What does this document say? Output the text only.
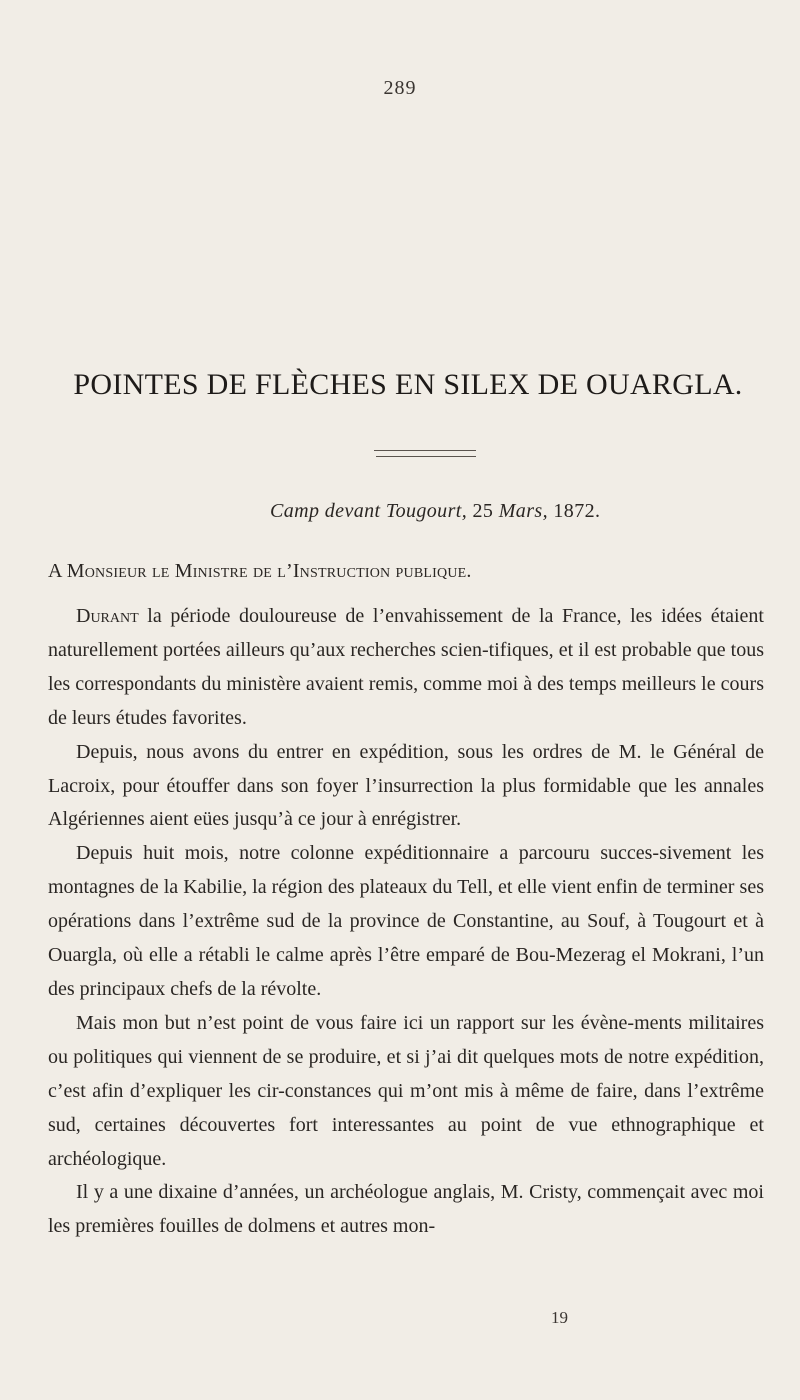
289
POINTES DE FLÈCHES EN SILEX DE OUARGLA.
Camp devant Tougourt, 25 Mars, 1872.
A Monsieur le Ministre de l’Instruction publique.

Durant la période douloureuse de l’envahissement de la France, les idées étaient naturellement portées ailleurs qu’aux recherches scien-tifiques, et il est probable que tous les correspondants du ministère avaient remis, comme moi à des temps meilleurs le cours de leurs études favorites.

Depuis, nous avons du entrer en expédition, sous les ordres de M. le Général de Lacroix, pour étouffer dans son foyer l’insurrection la plus formidable que les annales Algériennes aient eües jusqu’à ce jour à enrégistrer.

Depuis huit mois, notre colonne expéditionnaire a parcouru succes-sivement les montagnes de la Kabilie, la région des plateaux du Tell, et elle vient enfin de terminer ses opérations dans l’extrême sud de la province de Constantine, au Souf, à Tougourt et à Ouargla, où elle a rétabli le calme après l’être emparé de Bou-Mezerag el Mokrani, l’un des principaux chefs de la révolte.

Mais mon but n’est point de vous faire ici un rapport sur les évène-ments militaires ou politiques qui viennent de se produire, et si j’ai dit quelques mots de notre expédition, c’est afin d’expliquer les cir-constances qui m’ont mis à même de faire, dans l’extrême sud, certaines découvertes fort interessantes au point de vue ethnographique et archéologique.

Il y a une dixaine d’années, un archéologue anglais, M. Cristy, commençait avec moi les premières fouilles de dolmens et autres mon-

19
